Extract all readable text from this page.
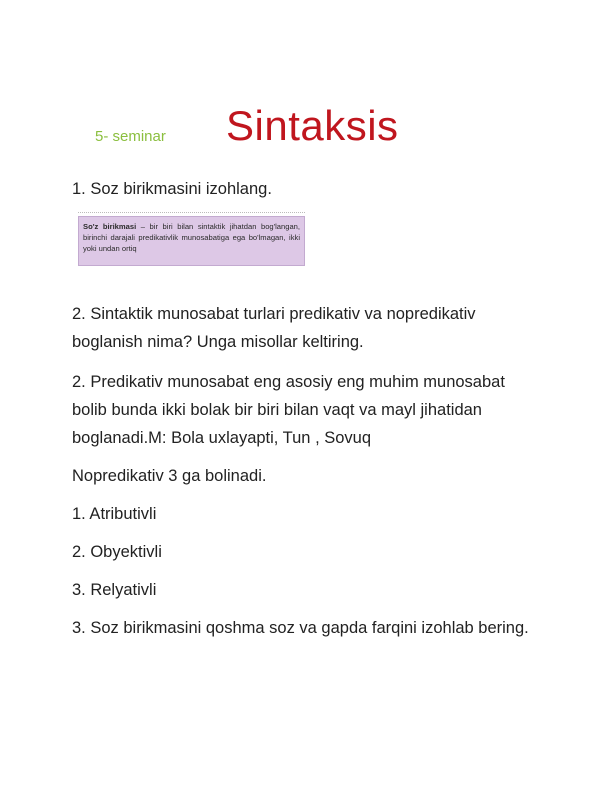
5- seminar Sintaksis
1. Soz birikmasini izohlang.
So'z birikmasi – bir biri bilan sintaktik jihatdan bog'langan, birinchi darajali predikativlik munosabatiga ega bo'lmagan, ikki yoki undan ortiq
2. Sintaktik munosabat turlari predikativ va nopredikativ boglanish nima? Unga misollar keltiring.
2. Predikativ munosabat eng asosiy eng muhim munosabat bolib bunda ikki bolak bir biri bilan vaqt va mayl jihatidan boglanadi.M: Bola uxlayapti, Tun , Sovuq
Nopredikativ 3 ga bolinadi.
1. Atributivli
2. Obyektivli
3. Relyativli
3. Soz birikmasini qoshma soz va gapda farqini izohlab bering.
